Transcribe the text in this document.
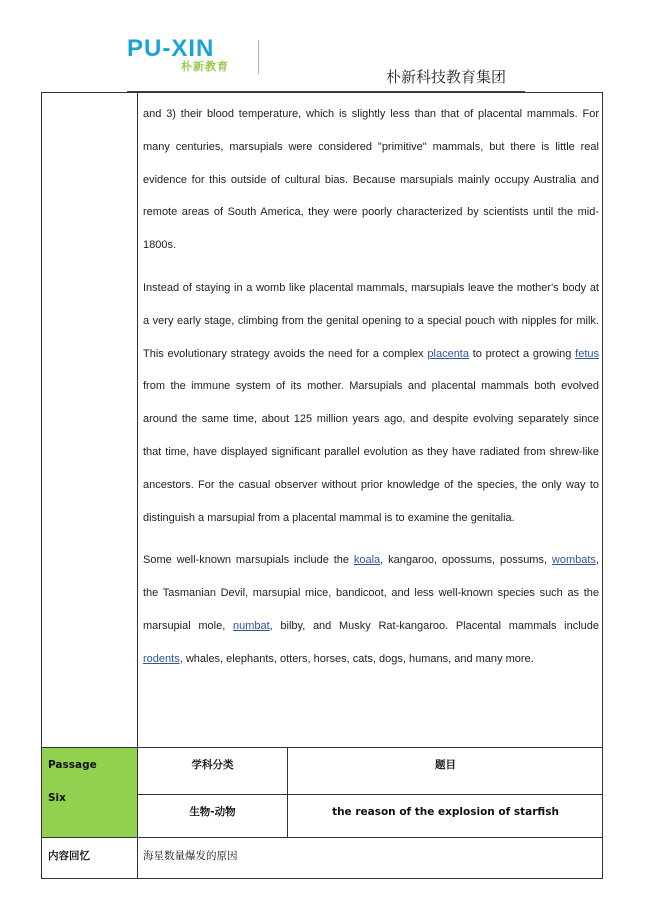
PU-XIN
朴新教育
朴新科技教育集团

and 3) their blood temperature, which is slightly less than that of placental mammals. For many centuries, marsupials were considered "primitive" mammals, but there is little real evidence for this outside of cultural bias. Because marsupials mainly occupy Australia and remote areas of South America, they were poorly characterized by scientists until the mid-1800s.

Instead of staying in a womb like placental mammals, marsupials leave the mother's body at a very early stage, climbing from the genital opening to a special pouch with nipples for milk. This evolutionary strategy avoids the need for a complex placenta to protect a growing fetus from the immune system of its mother. Marsupials and placental mammals both evolved around the same time, about 125 million years ago, and despite evolving separately since that time, have displayed significant parallel evolution as they have radiated from shrew-like ancestors. For the casual observer without prior knowledge of the species, the only way to distinguish a marsupial from a placental mammal is to examine the genitalia.

Some well-known marsupials include the koala, kangaroo, opossums, possums, wombats, the Tasmanian Devil, marsupial mice, bandicoot, and less well-known species such as the marsupial mole, numbat, bilby, and Musky Rat-kangaroo. Placental mammals include rodents, whales, elephants, otters, horses, cats, dogs, humans, and many more.

Passage
Six
学科分类	题目
生物-动物	the reason of the explosion of starfish
内容回忆	海星数量爆发的原因
